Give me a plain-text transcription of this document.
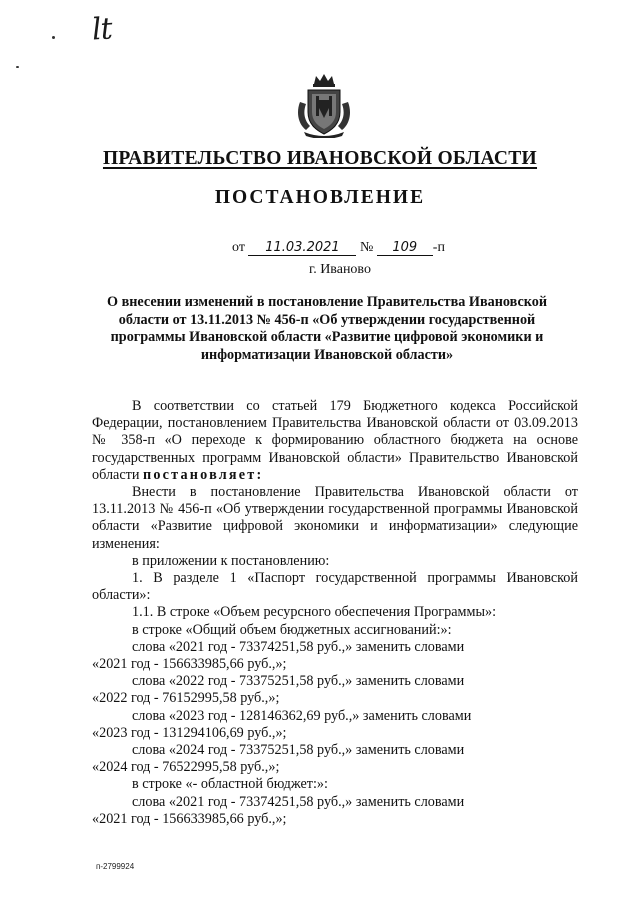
lt
ПРАВИТЕЛЬСТВО ИВАНОВСКОЙ ОБЛАСТИ
ПОСТАНОВЛЕНИЕ
от 11.03.2021 № 109 -п
г. Иваново
О внесении изменений в постановление Правительства Ивановской области от 13.11.2013 № 456-п «Об утверждении государственной программы Ивановской области «Развитие цифровой экономики и информатизации Ивановской области»

В соответствии со статьей 179 Бюджетного кодекса Российской Федерации, постановлением Правительства Ивановской области от 03.09.2013 № 358-п «О переходе к формированию областного бюджета на основе государственных программ Ивановской области» Правительство Ивановской области постановляет:

Внести в постановление Правительства Ивановской области от 13.11.2013 № 456-п «Об утверждении государственной программы Ивановской области «Развитие цифровой экономики и информатизации» следующие изменения:

в приложении к постановлению:

1. В разделе 1 «Паспорт государственной программы Ивановской области»:

1.1. В строке «Объем ресурсного обеспечения Программы»:

в строке «Общий объем бюджетных ассигнований:»:

слова «2021 год - 73374251,58 руб.,» заменить словами

«2021 год - 156633985,66 руб.,»;

слова «2022 год - 73375251,58 руб.,» заменить словами

«2022 год - 76152995,58 руб.,»;

слова «2023 год - 128146362,69 руб.,» заменить словами

«2023 год - 131294106,69 руб.,»;

слова «2024 год - 73375251,58 руб.,» заменить словами

«2024 год - 76522995,58 руб.,»;

в строке «- областной бюджет:»:

слова «2021 год - 73374251,58 руб.,» заменить словами

«2021 год - 156633985,66 руб.,»;

п-2799924
